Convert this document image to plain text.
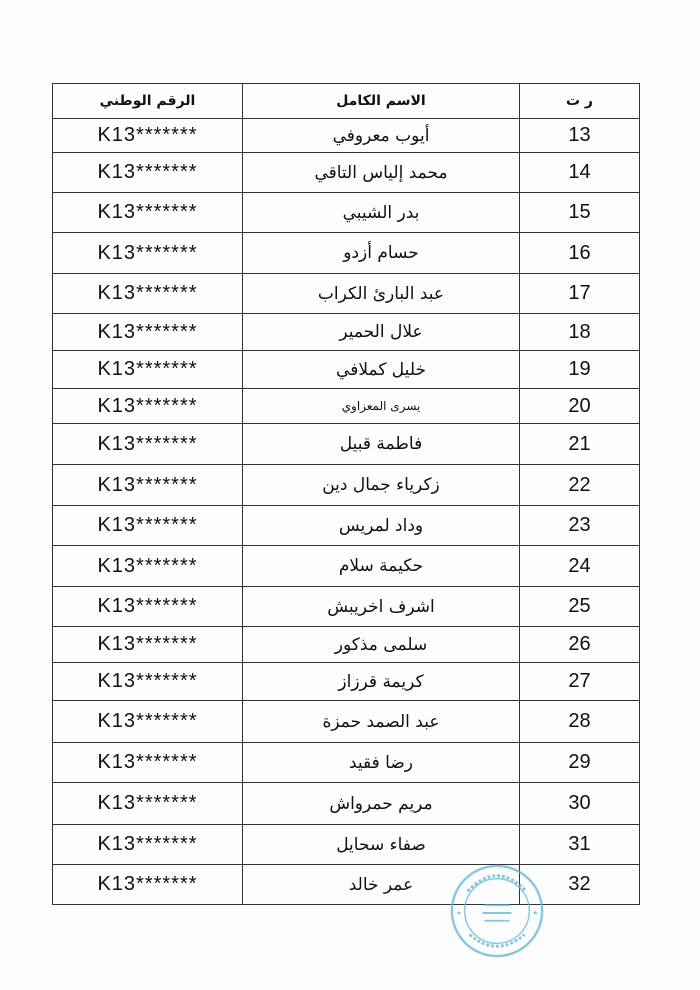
ر ت	الاسم الكامل	الرقم الوطني
13	أيوب معروفي	K13*******
14	محمد إلياس التاقي	K13*******
15	بدر الشيبي	K13*******
16	حسام أزدو	K13*******
17	عبد البارئ الكراب	K13*******
18	علال الحمير	K13*******
19	خليل كملافي	K13*******
20	يسرى المعزاوي	K13*******
21	فاطمة قبيل	K13*******
22	زكرياء جمال دين	K13*******
23	وداد لمريس	K13*******
24	حكيمة سلام	K13*******
25	اشرف اخريبش	K13*******
26	سلمى مذكور	K13*******
27	كريمة قرزاز	K13*******
28	عبد الصمد حمزة	K13*******
29	رضا فقيد	K13*******
30	مريم حمرواش	K13*******
31	صفاء سحايل	K13*******
32	عمر خالد	K13*******
★	★
